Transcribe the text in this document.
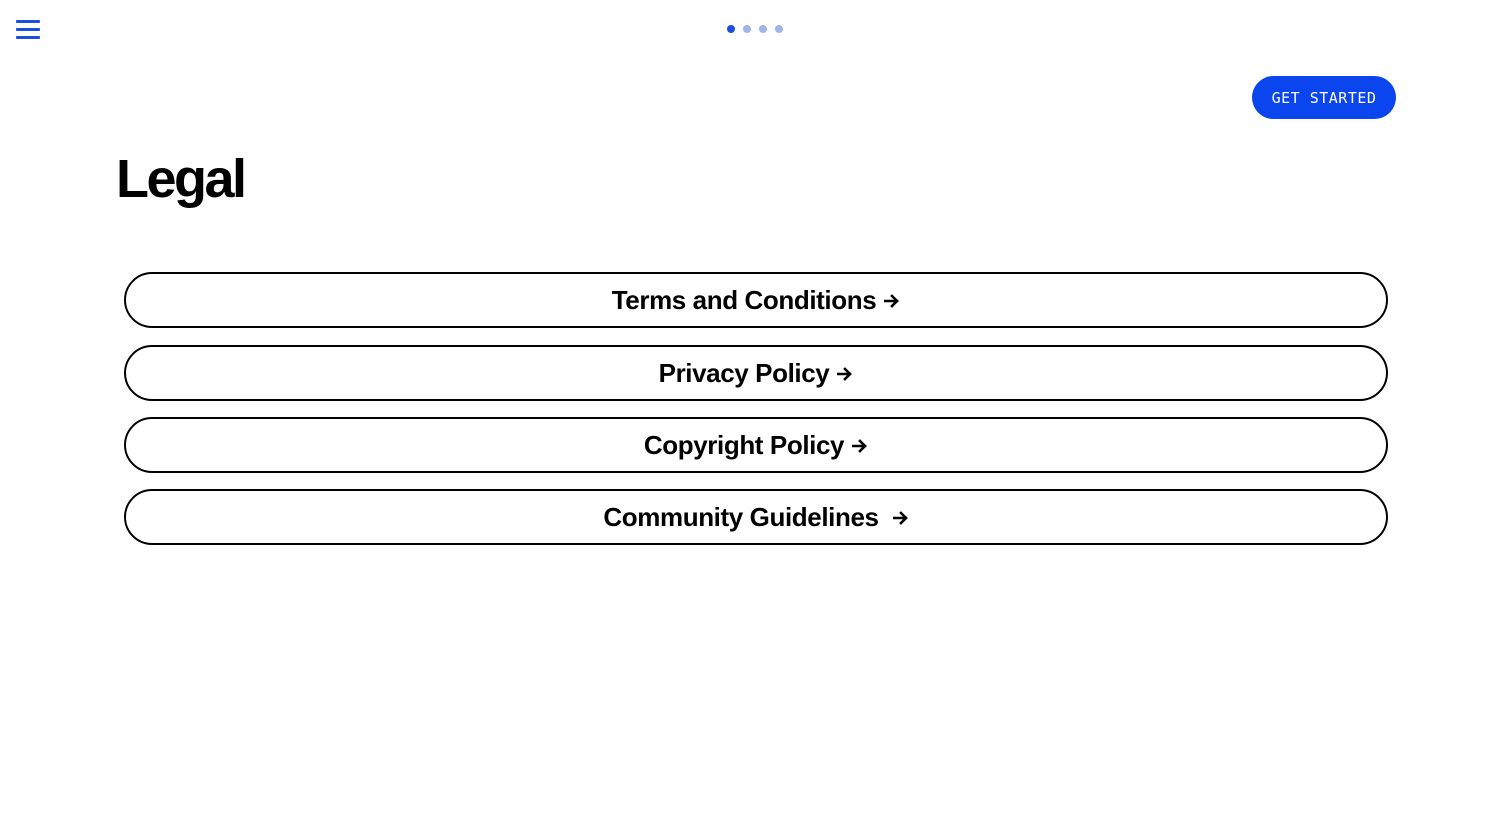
GET STARTED
Legal
Terms and Conditions
Privacy Policy
Copyright Policy
Community Guidelines
